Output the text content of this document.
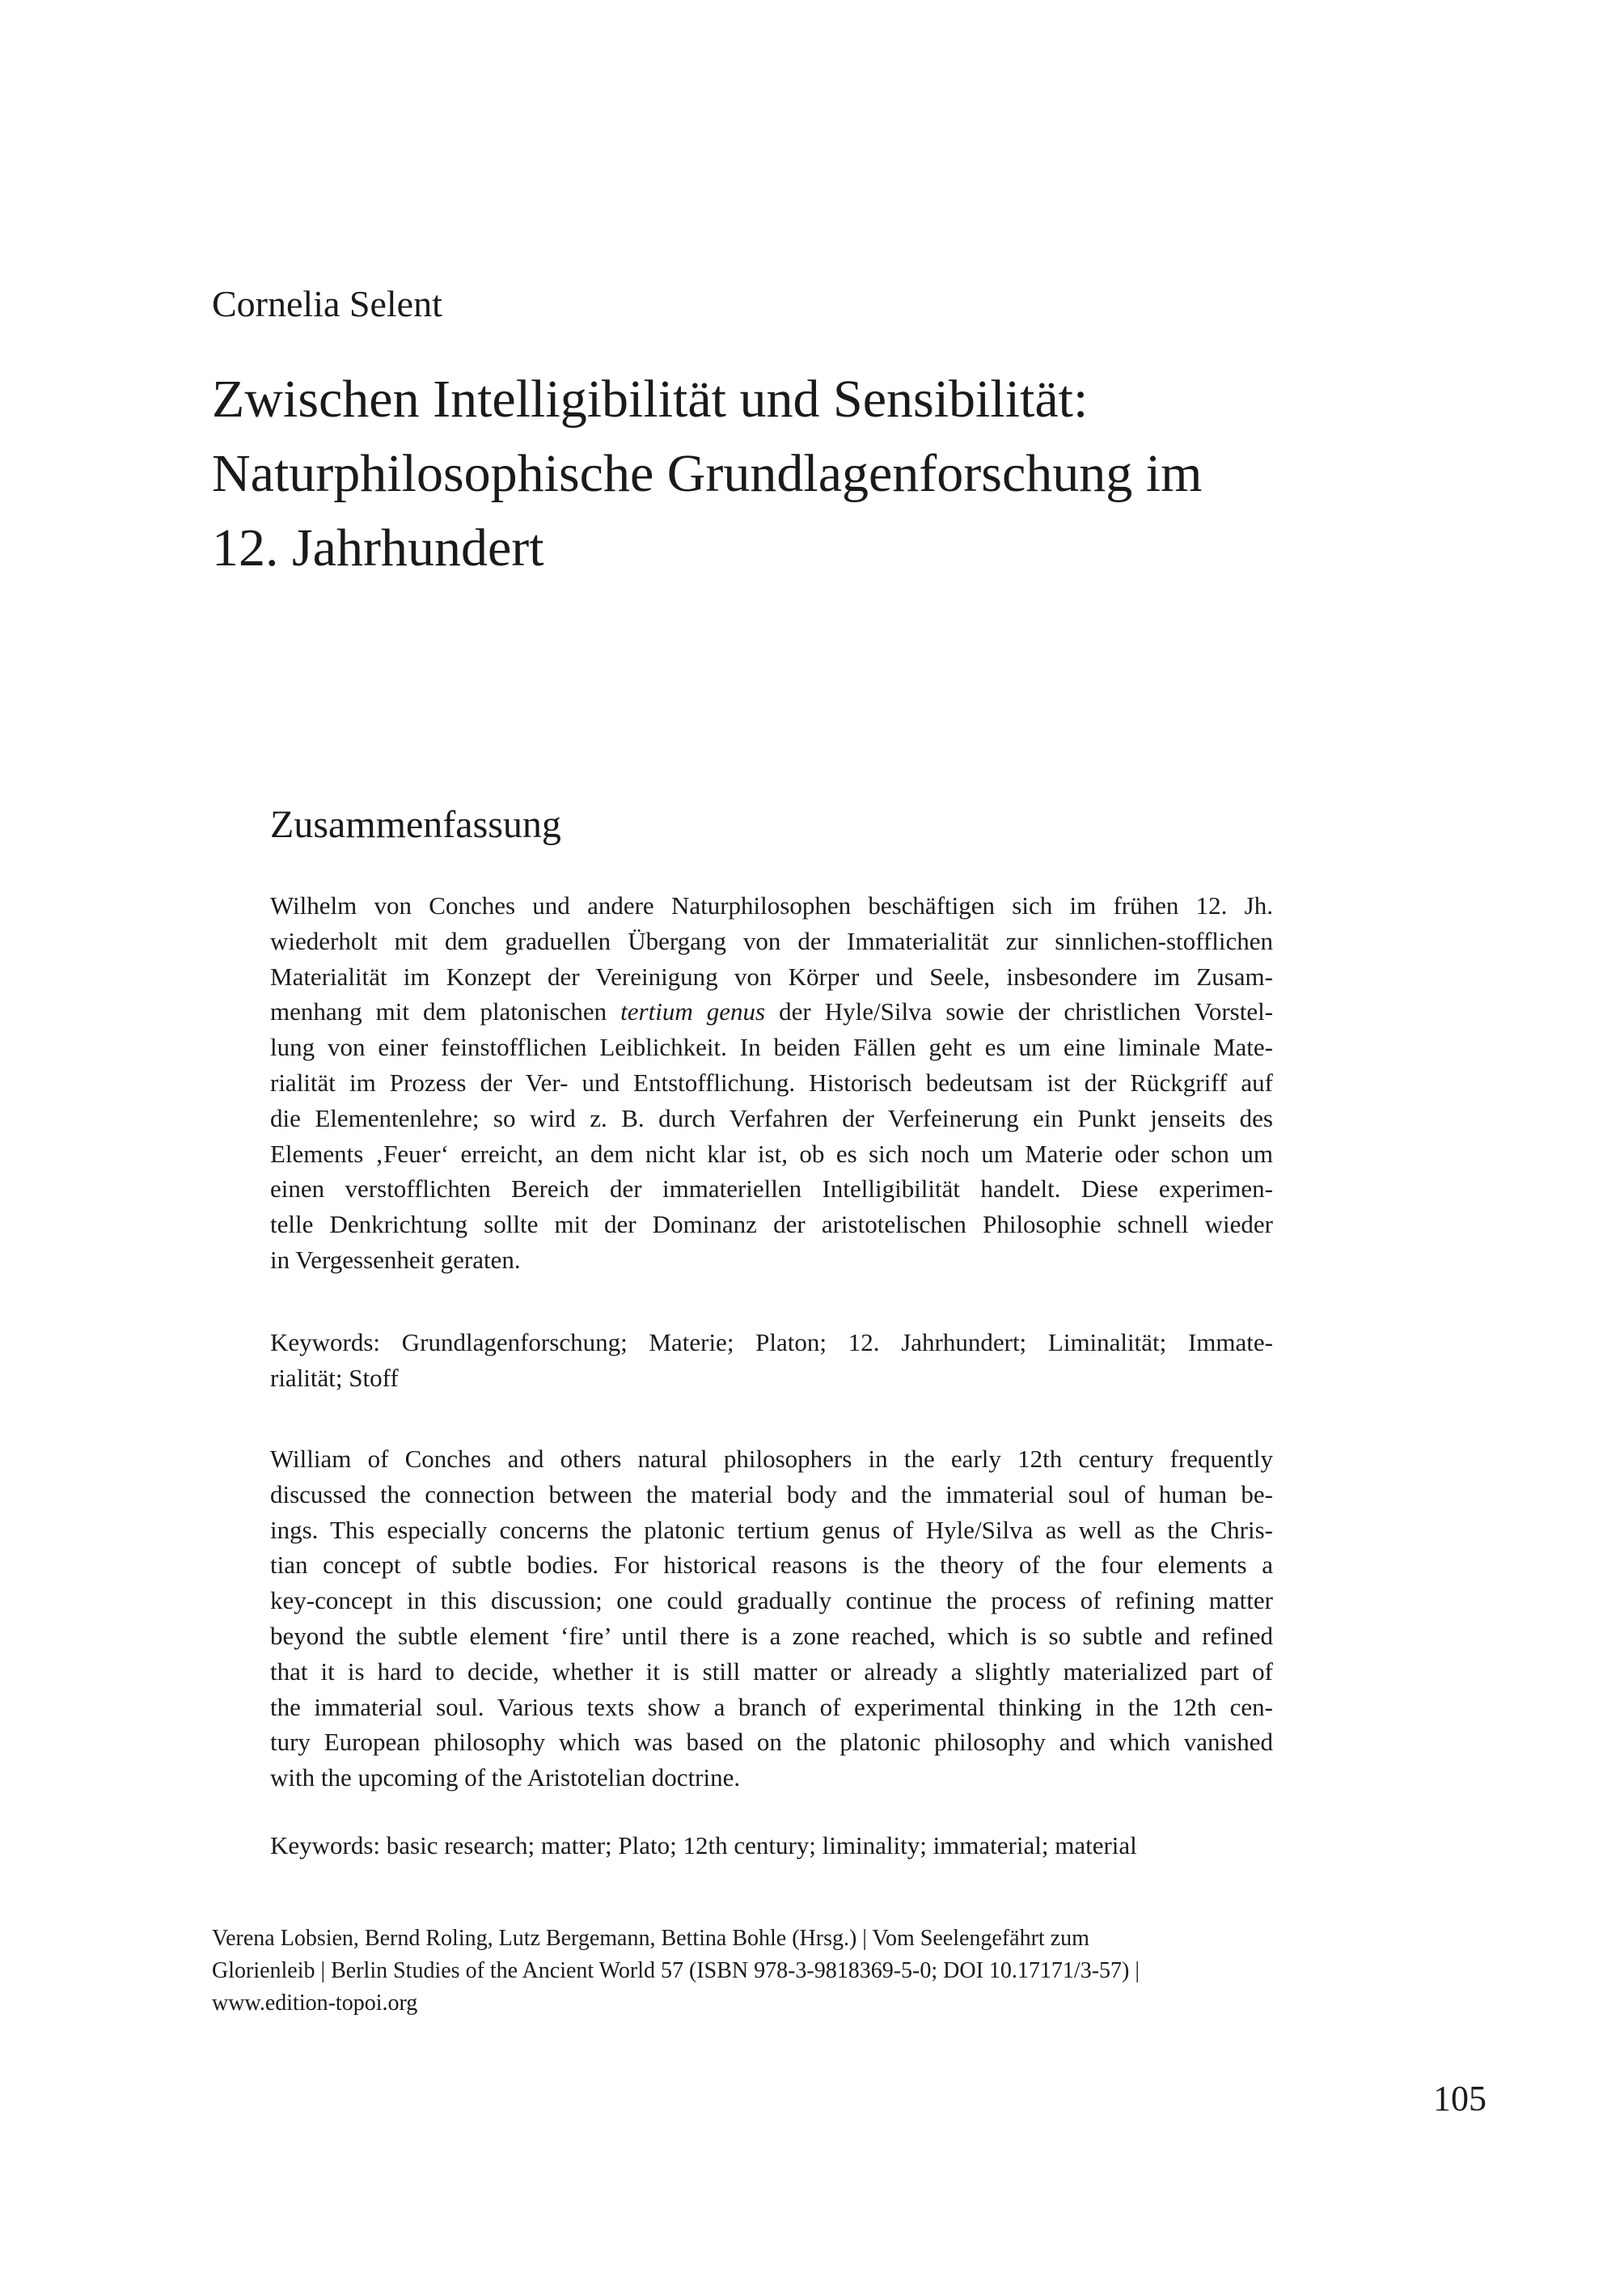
Cornelia Selent
Zwischen Intelligibilität und Sensibilität:
Naturphilosophische Grundlagenforschung im
12. Jahrhundert
Zusammenfassung

Wilhelm von Conches und andere Naturphilosophen beschäftigen sich im frühen 12. Jh.
wiederholt mit dem graduellen Übergang von der Immaterialität zur sinnlichen-stofflichen
Materialität im Konzept der Vereinigung von Körper und Seele, insbesondere im Zusam-
menhang mit dem platonischen tertium genus der Hyle/Silva sowie der christlichen Vorstel-
lung von einer feinstofflichen Leiblichkeit. In beiden Fällen geht es um eine liminale Mate-
rialität im Prozess der Ver- und Entstofflichung. Historisch bedeutsam ist der Rückgriff auf
die Elementenlehre; so wird z. B. durch Verfahren der Verfeinerung ein Punkt jenseits des
Elements ‚Feuer‘ erreicht, an dem nicht klar ist, ob es sich noch um Materie oder schon um
einen verstofflichten Bereich der immateriellen Intelligibilität handelt. Diese experimen-
telle Denkrichtung sollte mit der Dominanz der aristotelischen Philosophie schnell wieder
in Vergessenheit geraten.

Keywords: Grundlagenforschung; Materie; Platon; 12. Jahrhundert; Liminalität; Immate-
rialität; Stoff

William of Conches and others natural philosophers in the early 12th century frequently
discussed the connection between the material body and the immaterial soul of human be-
ings. This especially concerns the platonic tertium genus of Hyle/Silva as well as the Chris-
tian concept of subtle bodies. For historical reasons is the theory of the four elements a
key-concept in this discussion; one could gradually continue the process of refining matter
beyond the subtle element ‘fire’ until there is a zone reached, which is so subtle and refined
that it is hard to decide, whether it is still matter or already a slightly materialized part of
the immaterial soul. Various texts show a branch of experimental thinking in the 12th cen-
tury European philosophy which was based on the platonic philosophy and which vanished
with the upcoming of the Aristotelian doctrine.

Keywords: basic research; matter; Plato; 12th century; liminality; immaterial; material

Verena Lobsien, Bernd Roling, Lutz Bergemann, Bettina Bohle (Hrsg.) | Vom Seelengefährt zum
Glorienleib | Berlin Studies of the Ancient World 57 (ISBN 978-3-9818369-5-0; DOI 10.17171/3-57) |
www.edition-topoi.org

105
